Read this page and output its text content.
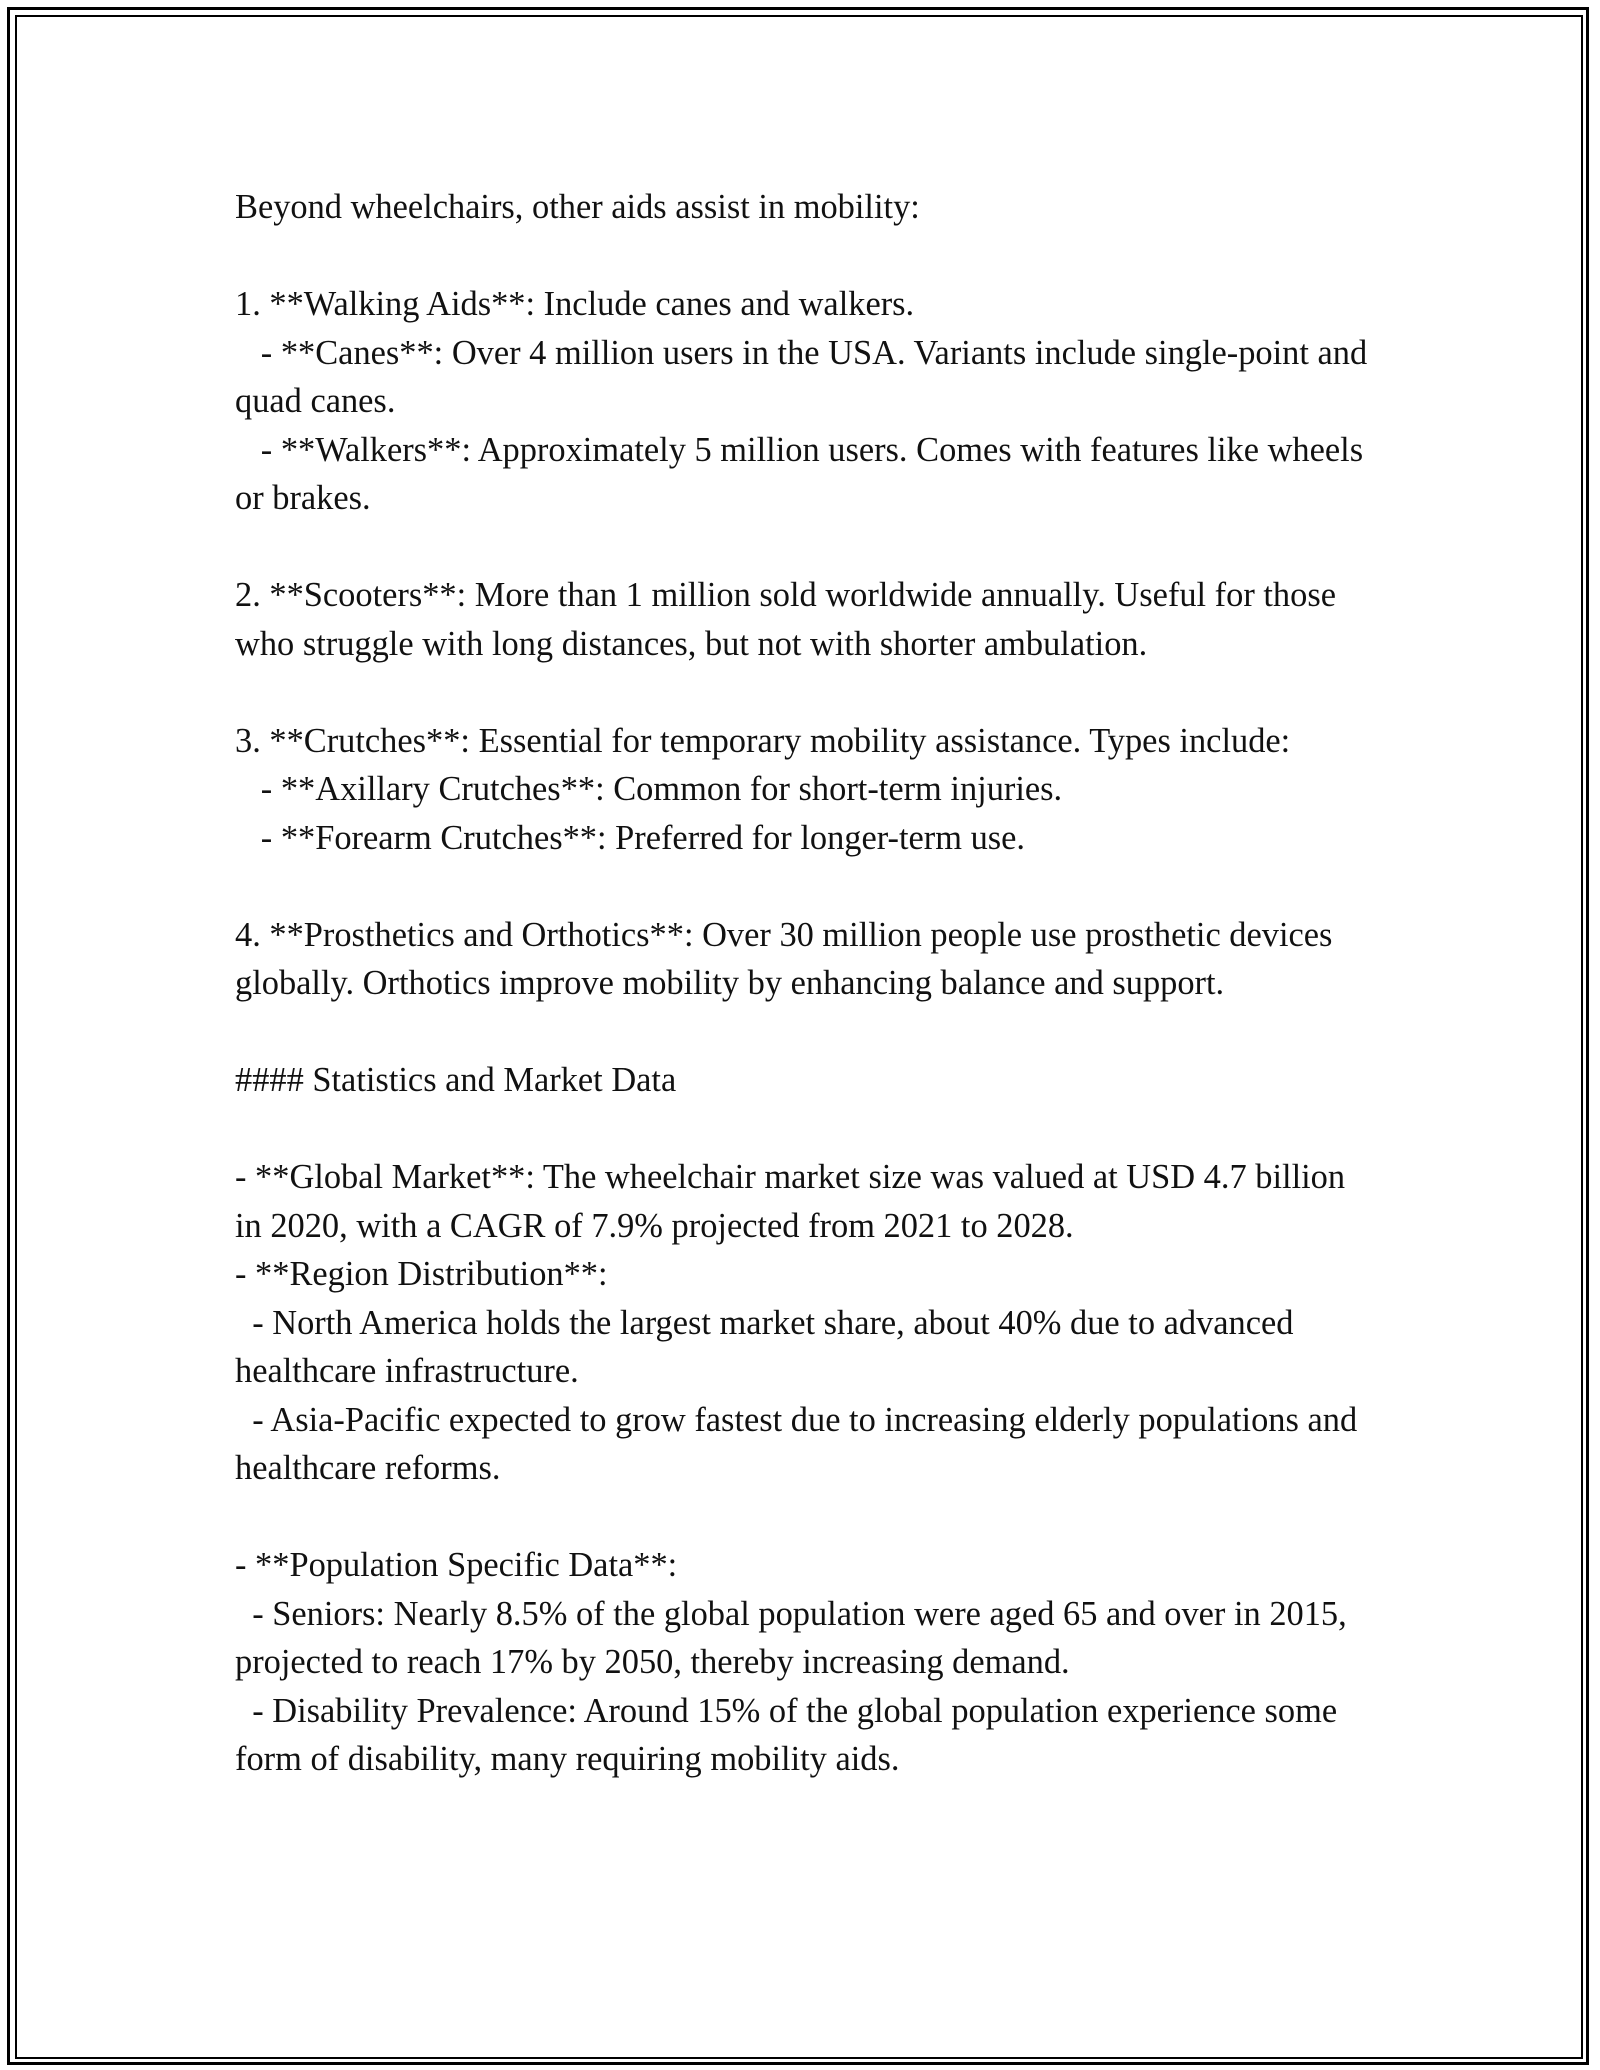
Beyond wheelchairs, other aids assist in mobility:

1. **Walking Aids**: Include canes and walkers.

- **Canes**: Over 4 million users in the USA. Variants include single-point and quad canes.

- **Walkers**: Approximately 5 million users. Comes with features like wheels or brakes.

2. **Scooters**: More than 1 million sold worldwide annually. Useful for those who struggle with long distances, but not with shorter ambulation.

3. **Crutches**: Essential for temporary mobility assistance. Types include:

- **Axillary Crutches**: Common for short-term injuries.

- **Forearm Crutches**: Preferred for longer-term use.

4. **Prosthetics and Orthotics**: Over 30 million people use prosthetic devices globally. Orthotics improve mobility by enhancing balance and support.

#### Statistics and Market Data

- **Global Market**: The wheelchair market size was valued at USD 4.7 billion in 2020, with a CAGR of 7.9% projected from 2021 to 2028.

- **Region Distribution**:

- North America holds the largest market share, about 40% due to advanced healthcare infrastructure.

- Asia-Pacific expected to grow fastest due to increasing elderly populations and healthcare reforms.

- **Population Specific Data**:

- Seniors: Nearly 8.5% of the global population were aged 65 and over in 2015, projected to reach 17% by 2050, thereby increasing demand.

- Disability Prevalence: Around 15% of the global population experience some form of disability, many requiring mobility aids.
